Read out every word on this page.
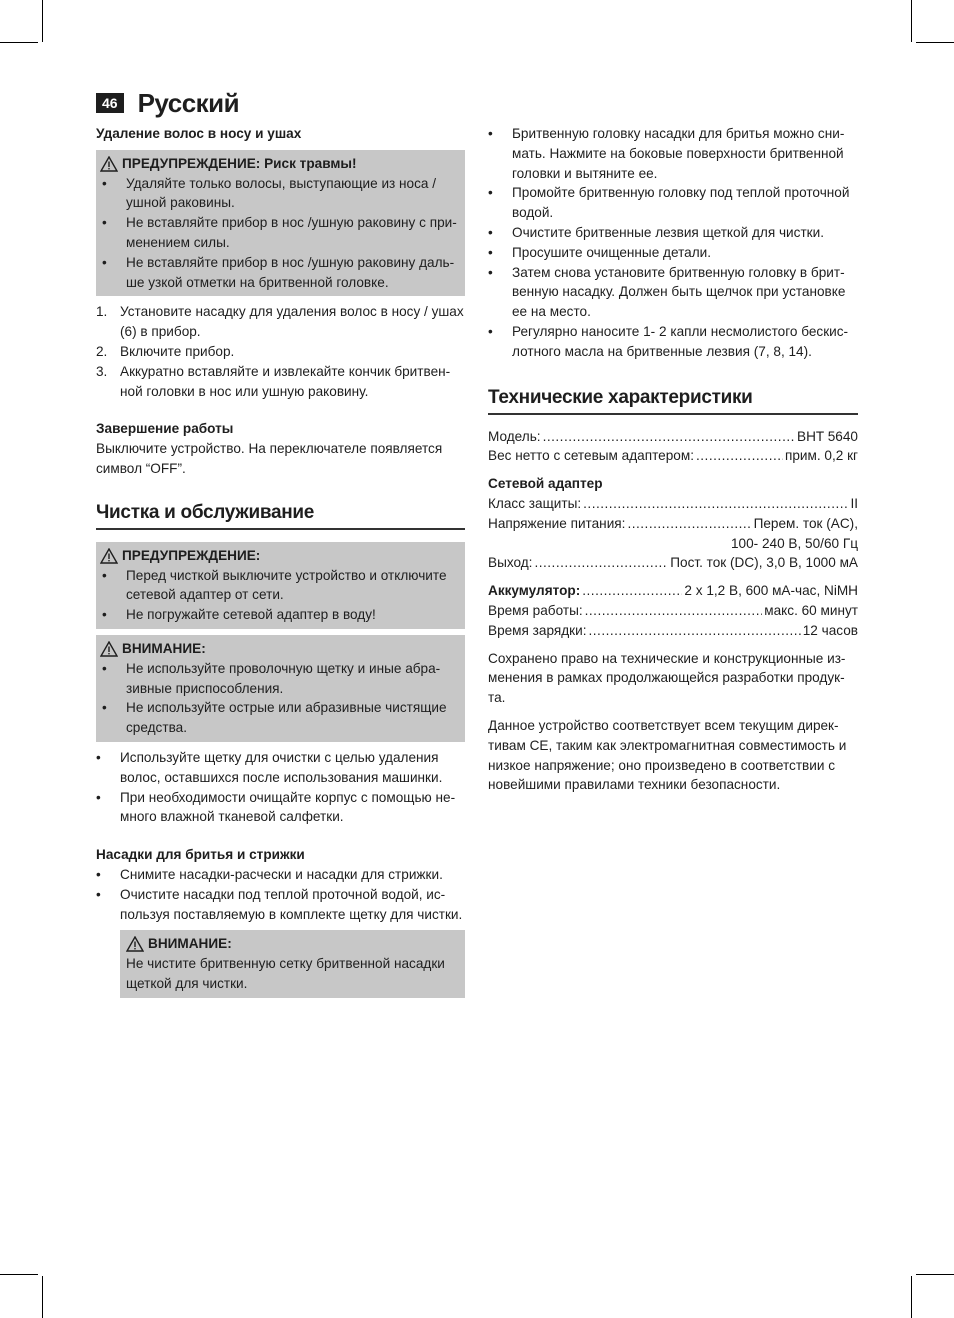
46 Русский

Удаление волос в носу и ушах

ПРЕДУПРЕЖДЕНИЕ: Риск травмы!
•	Удаляйте только волосы, выступающие из носа / ушной раковины.
•	Не вставляйте прибор в нос /ушную раковину с при-менением силы.
•	Не вставляйте прибор в нос /ушную раковину даль-ше узкой отметки на бритвенной головке.
1. Установите насадку для удаления волос в носу / ушах (6) в прибор.
2. Включите прибор.
3. Аккуратно вставляйте и извлекайте кончик бритвен-ной головки в нос или ушную раковину.

Завершение работы

Выключите устройство. На переключателе появляется символ “OFF”.

Чистка и обслуживание
ПРЕДУПРЕЖДЕНИЕ:
•	Перед чисткой выключите устройство и отключите сетевой адаптер от сети.
•	Не погружайте сетевой адаптер в воду!
ВНИМАНИЕ:
•	Не используйте проволочную щетку и иные абра-зивные приспособления.
•	Не используйте острые или абразивные чистящие средства.
•	Используйте щетку для очистки с целью удаления волос, оставшихся после использования машинки.
•	При необходимости очищайте корпус с помощью не-много влажной тканевой салфетки.

Насадки для бритья и стрижки

•	Снимите насадки-расчески и насадки для стрижки.
•	Очистите насадки под теплой проточной водой, ис-пользуя поставляемую в комплекте щетку для чистки.
ВНИМАНИЕ:

Не чистите бритвенную сетку бритвенной насадки щеткой для чистки.

•	Бритвенную головку насадки для бритья можно сни-мать. Нажмите на боковые поверхности бритвенной головки и вытяните ее.
•	Промойте бритвенную головку под теплой проточной водой.
•	Очистите бритвенные лезвия щеткой для чистки.
•	Просушите очищенные детали.
•	Затем снова установите бритвенную головку в брит-венную насадку. Должен быть щелчок при установке ее на место.
•	Регулярно наносите 1- 2 капли несмолистого бескис-лотного масла на бритвенные лезвия (7, 8, 14).
Технические характеристики
Модель: .....	BHT 5640
Вес нетто с сетевым адаптером: .....	прим. 0,2 кг

Сетевой адаптер

Класс защиты: .....	II
Напряжение питания: .....	Перем. ток (AC),
100- 240 В, 50/60 Гц
Выход: .....	Пост. ток (DC), 3,0 В, 1000 мА
Аккумулятор: .....	2 x 1,2 В, 600 мА-час, NiMH
Время работы: .....	макс. 60 минут
Время зарядки: .....	12 часов

Сохранено право на технические и конструкционные из-менения в рамках продолжающейся разработки продук-та.

Данное устройство соответствует всем текущим дирек-тивам СЕ, таким как электромагнитная совместимость и низкое напряжение; оно произведено в соответствии с новейшими правилами техники безопасности.
